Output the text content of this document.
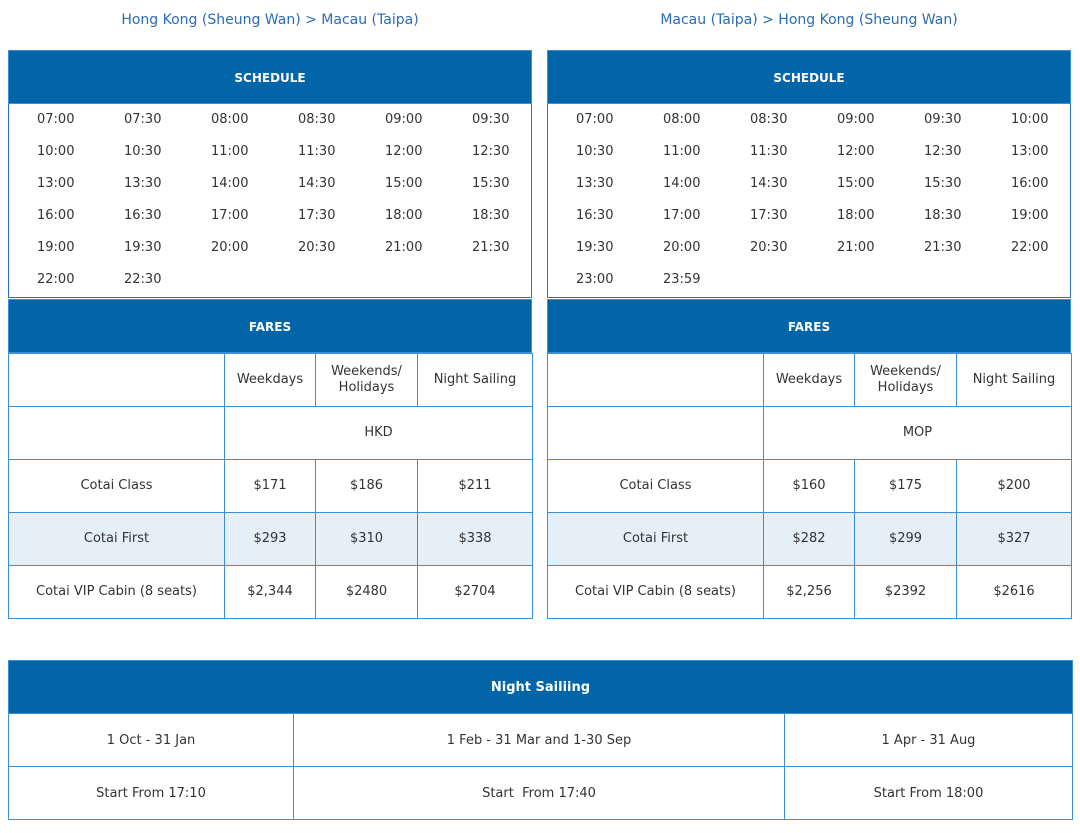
Hong Kong (Sheung Wan) > Macau (Taipa)
SCHEDULE
07:00	07:30	08:00	08:30	09:00	09:30
10:00	10:30	11:00	11:30	12:00	12:30
13:00	13:30	14:00	14:30	15:00	15:30
16:00	16:30	17:00	17:30	18:00	18:30
19:00	19:30	20:00	20:30	21:00	21:30
22:00	22:30
FARES
	Weekdays	Weekends/ Holidays	Night Sailing
	HKD		
Cotai Class	$171	$186	$211
Cotai First	$293	$310	$338
Cotai VIP Cabin (8 seats)	$2,344	$2480	$2704
Macau (Taipa) > Hong Kong (Sheung Wan)
SCHEDULE
07:00	08:00	08:30	09:00	09:30	10:00
10:30	11:00	11:30	12:00	12:30	13:00
13:30	14:00	14:30	15:00	15:30	16:00
16:30	17:00	17:30	18:00	18:30	19:00
19:30	20:00	20:30	21:00	21:30	22:00
23:00	23:59
FARES
	Weekdays	Weekends/ Holidays	Night Sailing
	MOP		
Cotai Class	$160	$175	$200
Cotai First	$282	$299	$327
Cotai VIP Cabin (8 seats)	$2,256	$2392	$2616
Night Sailiing		
1 Oct - 31 Jan	1 Feb - 31 Mar and 1-30 Sep	1 Apr - 31 Aug
Start From 17:10	Start  From 17:40	Start From 18:00
